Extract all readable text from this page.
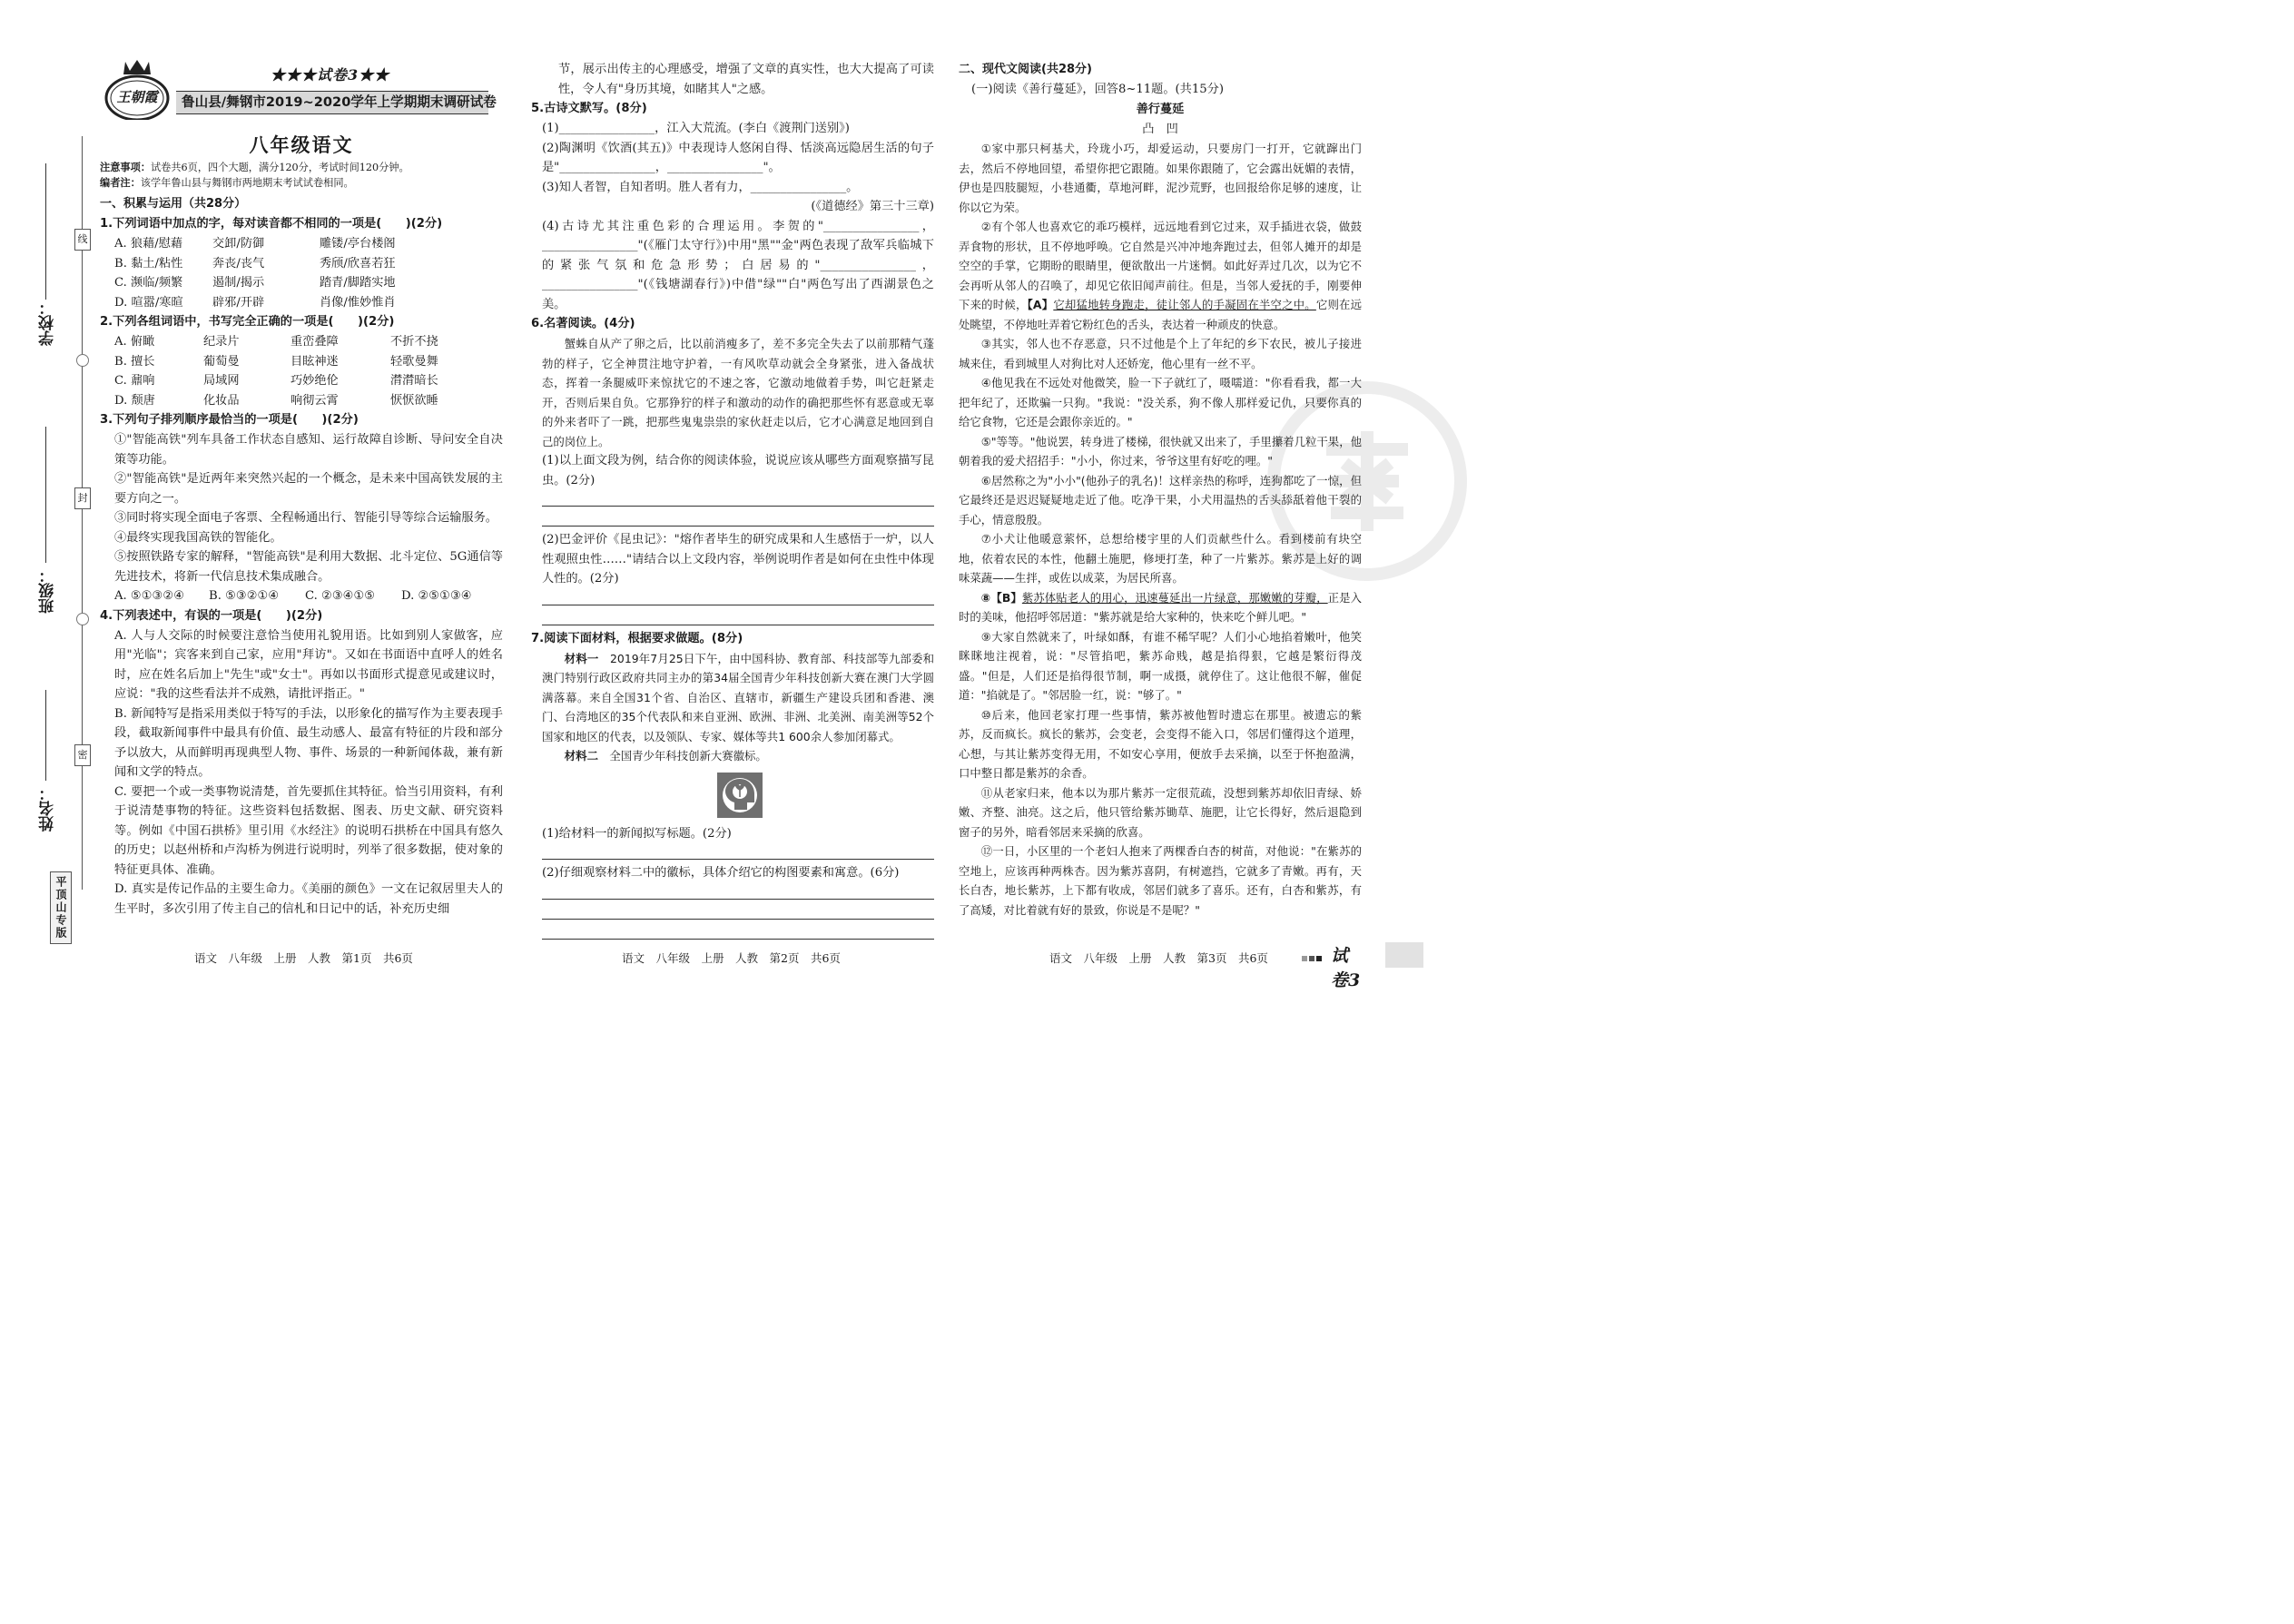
线
封
密
学校：
班级：
姓名：
平顶山专版
王朝霞
★★★试卷3★★
鲁山县/舞钢市2019~2020学年上学期期末调研试卷
八年级语文

注意事项：试卷共6页，四个大题，满分120分，考试时间120分钟。

编者注：该学年鲁山县与舞钢市两地期末考试试卷相同。

一、积累与运用（共28分）

1.下列词语中加点的字，每对读音都不相同的一项是(　　)(2分)

A. 狼藉/慰藉	交卸/防御	雕镂/亭台楼阁
B. 黏土/粘性	奔丧/丧气	秀颀/欣喜若狂
C. 濒临/频繁	遏制/揭示	踏青/脚踏实地
D. 喧嚣/寒暄	辟邪/开辟	肖像/惟妙惟肖

2.下列各组词语中，书写完全正确的一项是(　　)(2分)

A. 俯瞰	纪录片	重峦叠障	不折不挠
B. 擅长	葡萄曼	目眩神迷	轻歌曼舞
C. 鼐响	局域网	巧妙绝伦	潸潸暗长
D. 颓唐	化妆品	响彻云霄	恹恹欲睡

3.下列句子排列顺序最恰当的一项是(　　)(2分)

①"智能高铁"列车具备工作状态自感知、运行故障自诊断、导问安全自决策等功能。

②"智能高铁"是近两年来突然兴起的一个概念，是未来中国高铁发展的主要方向之一。

③同时将实现全面电子客票、全程畅通出行、智能引导等综合运输服务。

④最终实现我国高铁的智能化。

⑤按照铁路专家的解释，"智能高铁"是利用大数据、北斗定位、5G通信等先进技术，将新一代信息技术集成融合。

A. ⑤①③②④	B. ⑤③②①④	C. ②③④①⑤	D. ②⑤①③④

4.下列表述中，有误的一项是(　　)(2分)

A. 人与人交际的时候要注意恰当使用礼貌用语。比如到别人家做客，应用"光临"；宾客来到自己家，应用"拜访"。又如在书面语中直呼人的姓名时，应在姓名后加上"先生"或"女士"。再如以书面形式提意见或建议时，应说："我的这些看法并不成熟，请批评指正。"

B. 新闻特写是指采用类似于特写的手法，以形象化的描写作为主要表现手段，截取新闻事件中最具有价值、最生动感人、最富有特征的片段和部分予以放大，从而鲜明再现典型人物、事件、场景的一种新闻体裁，兼有新闻和文学的特点。

C. 要把一个或一类事物说清楚，首先要抓住其特征。恰当引用资料，有利于说清楚事物的特征。这些资料包括数据、图表、历史文献、研究资料等。例如《中国石拱桥》里引用《水经注》的说明石拱桥在中国具有悠久的历史；以赵州桥和卢沟桥为例进行说明时，列举了很多数据，使对象的特征更具体、准确。

D. 真实是传记作品的主要生命力。《美丽的颜色》一文在记叙居里夫人的生平时，多次引用了传主自己的信札和日记中的话，补充历史细

语文　八年级　上册　人教　第1页　共6页

节，展示出传主的心理感受，增强了文章的真实性，也大大提高了可读性，令人有"身历其境，如睹其人"之感。

5.古诗文默写。(8分)

(1)________________，江入大荒流。(李白《渡荆门送别》)

(2)陶渊明《饮酒(其五)》中表现诗人悠闲自得、恬淡高远隐居生活的句子是"________________，________________"。

(3)知人者智，自知者明。胜人者有力，________________。

(《道德经》第三十三章)

(4)古诗尤其注重色彩的合理运用。李贺的"________________，________________"(《雁门太守行》)中用"黑""金"两色表现了敌军兵临城下的紧张气氛和危急形势；白居易的"________________，________________"(《钱塘湖春行》)中借"绿""白"两色写出了西湖景色之美。

6.名著阅读。(4分)

蟹蛛自从产了卵之后，比以前消瘦多了，差不多完全失去了以前那精气蓬勃的样子，它全神贯注地守护着，一有风吹草动就会全身紧张，进入备战状态，挥着一条腿威吓来惊扰它的不速之客，它激动地做着手势，叫它赶紧走开，否则后果自负。它那狰狞的样子和激动的动作的确把那些怀有恶意或无辜的外来者吓了一跳，把那些鬼鬼祟祟的家伙赶走以后，它才心满意足地回到自己的岗位上。

(1)以上面文段为例，结合你的阅读体验，说说应该从哪些方面观察描写昆虫。(2分)

(2)巴金评价《昆虫记》："熔作者毕生的研究成果和人生感悟于一炉，以人性观照虫性……"请结合以上文段内容，举例说明作者是如何在虫性中体现人性的。(2分)

7.阅读下面材料，根据要求做题。(8分)

材料一　 2019年7月25日下午，由中国科协、教育部、科技部等九部委和澳门特别行政区政府共同主办的第34届全国青少年科技创新大赛在澳门大学圆满落幕。来自全国31个省、自治区、直辖市，新疆生产建设兵团和香港、澳门、台湾地区的35个代表队和来自亚洲、欧洲、非洲、北美洲、南美洲等52个国家和地区的代表，以及领队、专家、媒体等共1 600余人参加闭幕式。

材料二　 全国青少年科技创新大赛徽标。

(1)给材料一的新闻拟写标题。(2分)

(2)仔细观察材料二中的徽标，具体介绍它的构图要素和寓意。(6分)

语文　八年级　上册　人教　第2页　共6页

二、现代文阅读(共28分)

(一)阅读《善行蔓延》，回答8~11题。(共15分)

善行蔓延

凸　凹

①家中那只柯基犬，玲珑小巧，却爱运动，只要房门一打开，它就蹿出门去，然后不停地回望，希望你把它跟随。如果你跟随了，它会露出妩媚的表情，伊也是四肢腿短，小巷通衢，草地河畔，泥沙荒野，也回报给你足够的速度，让你以它为荣。

②有个邻人也喜欢它的乖巧模样，远远地看到它过来，双手插进衣袋，做鼓弄食物的形状，且不停地呼唤。它自然是兴冲冲地奔跑过去，但邻人摊开的却是空空的手掌，它期盼的眼睛里，便欲散出一片迷惘。如此好弄过几次，以为它不会再听从邻人的召唤了，却见它依旧闻声前往。但是，当邻人爱抚的手，刚要伸下来的时候，【A】它却猛地转身跑走，徒让邻人的手凝固在半空之中。它则在远处眺望，不停地吐弄着它粉红色的舌头，表达着一种顽皮的快意。

③其实，邻人也不存恶意，只不过他是个上了年纪的乡下农民，被儿子接进城来住，看到城里人对狗比对人还娇宠，他心里有一丝不平。

④他见我在不远处对他微笑，脸一下子就红了，嗫嚅道："你看看我，都一大把年纪了，还欺骗一只狗。"我说："没关系，狗不像人那样爱记仇，只要你真的给它食物，它还是会跟你亲近的。"

⑤"等等。"他说罢，转身进了楼梯，很快就又出来了，手里攥着几粒干果，他朝着我的爱犬招招手："小小，你过来，爷爷这里有好吃的哩。"

⑥居然称之为"小小"(他孙子的乳名)！这样亲热的称呼，连狗都吃了一惊，但它最终还是迟迟疑疑地走近了他。吃净干果，小犬用温热的舌头舔舐着他干裂的手心，情意殷殷。

⑦小犬让他暖意萦怀，总想给楼宇里的人们贡献些什么。看到楼前有块空地，依着农民的本性，他翻土施肥，修埂打垄，种了一片紫苏。紫苏是上好的调味菜蔬——生拌，或佐以成菜，为居民所喜。

⑧【B】紫苏体贴老人的用心，迅速蔓延出一片绿意，那嫩嫩的芽瓣，正是入时的美味，他招呼邻居道："紫苏就是给大家种的，快来吃个鲜儿吧。"

⑨大家自然就来了，叶绿如酥，有谁不稀罕呢？人们小心地掐着嫩叶，他笑眯眯地注视着，说："尽管掐吧，紫苏命贱，越是掐得狠，它越是繁衍得茂盛。"但是，人们还是掐得很节制，啊一成摄，就停住了。这让他很不解，催促道："掐就是了。"邻居脸一红，说："够了。"

⑩后来，他回老家打理一些事情，紫苏被他暂时遗忘在那里。被遗忘的紫苏，反而疯长。疯长的紫苏，会变老，会变得不能入口，邻居们懂得这个道理，心想，与其让紫苏变得无用，不如安心享用，便放手去采摘，以至于怀抱盈满，口中整日都是紫苏的余香。

⑪从老家归来，他本以为那片紫苏一定很荒疏，没想到紫苏却依旧青绿、娇嫩、齐整、油亮。这之后，他只管给紫苏锄草、施肥，让它长得好，然后退隐到窗子的另外，暗看邻居来采摘的欣喜。

⑫一日，小区里的一个老妇人抱来了两棵香白杏的树苗，对他说："在紫苏的空地上，应该再种两株杏。因为紫苏喜阴，有树遮挡，它就多了青嫩。再有，天长白杏，地长紫苏，上下都有收成，邻居们就多了喜乐。还有，白杏和紫苏，有了高矮，对比着就有好的景致，你说是不是呢？"

语文　八年级　上册　人教　第3页　共6页	试卷3
